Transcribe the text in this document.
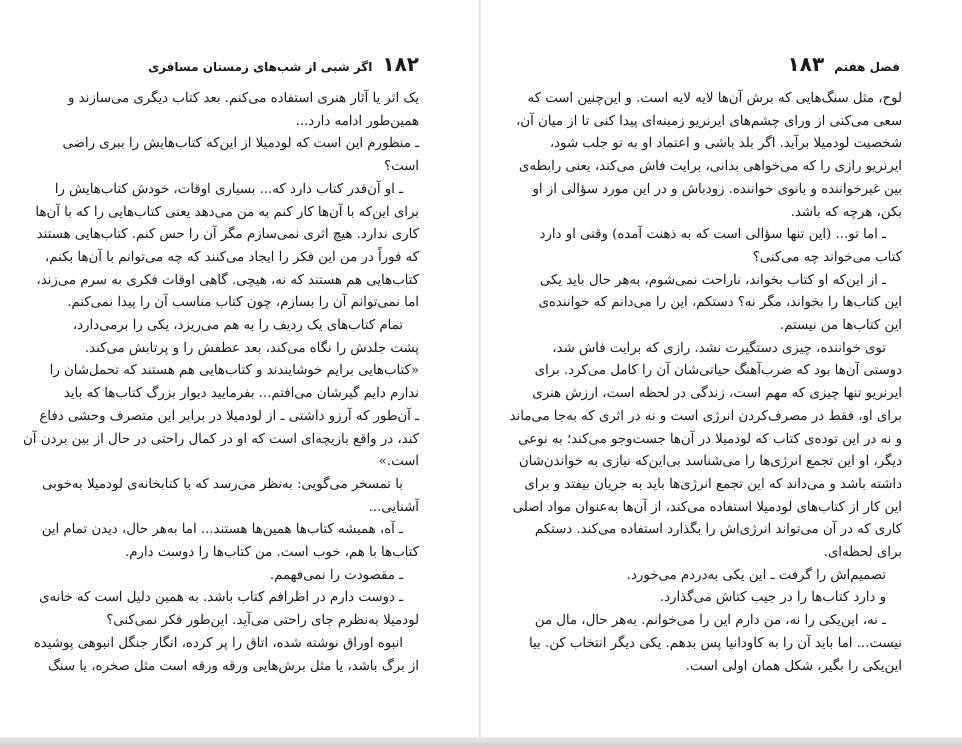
۱۸۲
اگر شبی از شب‌های زمستان مسافری

یک اثر یا آثار هنری استفاده می‌کنم. بعد کتاب دیگری می‌سازند و

همین‌طور ادامه دارد...

ـ منظورم این است که لودمیلا از این‌که کتاب‌هایش را ببری راضی

است؟

ـ او آن‌قدر کتاب دارد که... بسیاری اوقات، خودش کتاب‌هایش را

برای این‌که با آن‌ها کار کنم به من می‌دهد یعنی کتاب‌هایی را که با آن‌ها

کاری ندارد. هیچ اثری نمی‌سازم مگر آن را حس کنم. کتاب‌هایی هستند

که فوراً در من این فکر را ایجاد می‌کنند که چه می‌توانم با آن‌ها بکنم،

کتاب‌هایی هم هستند که نه، هیچی. گاهی اوقات فکری به سرم می‌زند،

اما نمی‌توانم آن را بسازم، چون کتاب مناسب آن را پیدا نمی‌کنم.

تمام کتاب‌های یک ردیف را به هم می‌ریزد، یکی را برمی‌دارد،

پشت جلدش را نگاه می‌کند، بعد عطفش را و پرتابش می‌کند.

«کتاب‌هایی برایم خوشایندند و کتاب‌هایی هم هستند که تحمل‌شان را

ندارم دایم گیرشان می‌افتم... بفرمایید دیوار بزرگ کتاب‌ها که باید

ـ آن‌طور که آرزو داشتی ـ از لودمیلا در برابر این متصرف وحشی دفاع

کند، در واقع بازیچه‌ای است که او در کمال راحتی در حال از بین بردن آن

است.»

با تمسخر می‌گویی: به‌نظر می‌رسد که با کتابخانه‌ی لودمیلا به‌خوبی

آشنایی...

ـ آه، همیشه کتاب‌ها همین‌ها هستند... اما به‌هر حال، دیدن تمام این

کتاب‌ها با هم، خوب است. من کتاب‌ها را دوست دارم.

ـ مقصودت را نمی‌فهمم.

ـ دوست دارم در اطرافم کتاب باشد. به همین دلیل است که خانه‌ی

لودمیلا به‌نظرم جای راحتی می‌آید. این‌طور فکر نمی‌کنی؟

انبوه اوراق نوشته شده، اتاق را پر کرده، انگار جنگل انبوهی پوشیده

از برگ باشد، یا مثل برش‌هایی ورقه ورقه است مثل صخره، یا سنگ

فصل هفتم
۱۸۳

لوح، مثل سنگ‌هایی که برش آن‌ها لایه لایه است. و این‌چنین است که

سعی می‌کنی از ورای چشم‌های ایرنریو زمینه‌ای پیدا کنی تا از میان آن،

شخصیت لودمیلا برآید. اگر بلد باشی و اعتماد او به تو جلب شود،

ایرنریو رازی را که می‌خواهی بدانی، برایت فاش می‌کند، یعنی رابطه‌ی

بین غیرخواننده و بانوی خواننده. زودباش و در این مورد سؤالی از او

بکن، هرچه که باشد.

ـ اما تو... (این تنها سؤالی است که به ذهنت آمده) وقتی او دارد

کتاب می‌خواند چه می‌کنی؟

ـ از این‌که او کتاب بخواند، ناراحت نمی‌شوم، به‌هر حال باید یکی

این کتاب‌ها را بخواند، مگر نه؟ دستکم، این را می‌دانم که خواننده‌ی

این کتاب‌ها من نیستم.

توی خواننده، چیزی دستگیرت نشد. رازی که برایت فاش شد،

دوستی آن‌ها بود که ضرب‌آهنگ حیاتی‌شان آن را کامل می‌کرد. برای

ایرنریو تنها چیزی که مهم است، زندگی در لحظه است، ارزش هنری

برای او، فقط در مصرف‌کردن انرژی است و نه در اثری که به‌جا می‌ماند

و نه در این توده‌ی کتاب که لودمیلا در آن‌ها جست‌وجو می‌کند؛ به نوعی

دیگر، او این تجمع انرژی‌ها را می‌شناسد بی‌این‌که نیازی به خواندن‌شان

داشته باشد و می‌داند که این تجمع انرژی‌ها باید به جریان بیفتد و برای

این کار از کتاب‌های لودمیلا استفاده می‌کند، از آن‌ها به‌عنوان مواد اصلی

کاری که در آن می‌تواند انرژی‌اش را بگذارد استفاده می‌کند. دستکم

برای لحظه‌ای.

تصمیم‌اش را گرفت ـ این یکی به‌دردم می‌خورد.

و دارد کتاب‌ها را در جیب کتاش می‌گذارد.

ـ نه، این‌یکی را نه، من دارم این را می‌خوانم. به‌هر حال، مال من

نیست... اما باید آن را به کاودانیا پس بدهم. یکی دیگر انتخاب کن. بیا

این‌یکی را بگیر، شکل همان اولی است.
